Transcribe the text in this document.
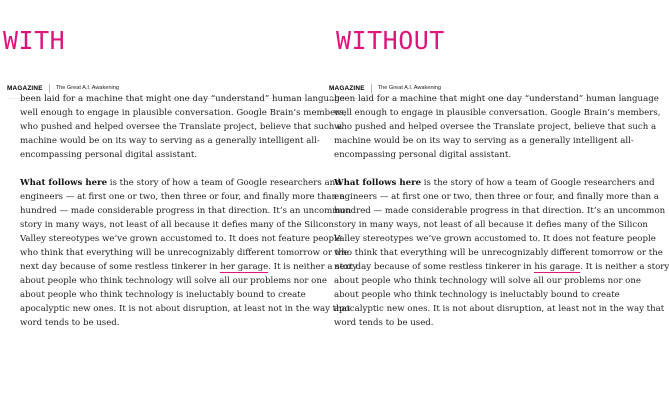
WITH
MAGAZINE The Great A.I. Awakening
been laid for a machine that might one day “understand” human language
well enough to engage in plausible conversation. Google Brain’s members,
who pushed and helped oversee the Translate project, believe that such a
machine would be on its way to serving as a generally intelligent all-
encompassing personal digital assistant.
What follows here is the story of how a team of Google researchers and
engineers — at first one or two, then three or four, and finally more than a
hundred — made considerable progress in that direction. It’s an uncommon
story in many ways, not least of all because it defies many of the Silicon
Valley stereotypes we’ve grown accustomed to. It does not feature people
who think that everything will be unrecognizably different tomorrow or the
next day because of some restless tinkerer in her garage. It is neither a story
about people who think technology will solve all our problems nor one
about people who think technology is ineluctably bound to create
apocalyptic new ones. It is not about disruption, at least not in the way that
word tends to be used.
WITHOUT
MAGAZINE The Great A.I. Awakening
been laid for a machine that might one day “understand” human language
well enough to engage in plausible conversation. Google Brain’s members,
who pushed and helped oversee the Translate project, believe that such a
machine would be on its way to serving as a generally intelligent all-
encompassing personal digital assistant.
What follows here is the story of how a team of Google researchers and
engineers — at first one or two, then three or four, and finally more than a
hundred — made considerable progress in that direction. It’s an uncommon
story in many ways, not least of all because it defies many of the Silicon
Valley stereotypes we’ve grown accustomed to. It does not feature people
who think that everything will be unrecognizably different tomorrow or the
next day because of some restless tinkerer in his garage. It is neither a story
about people who think technology will solve all our problems nor one
about people who think technology is ineluctably bound to create
apocalyptic new ones. It is not about disruption, at least not in the way that
word tends to be used.
